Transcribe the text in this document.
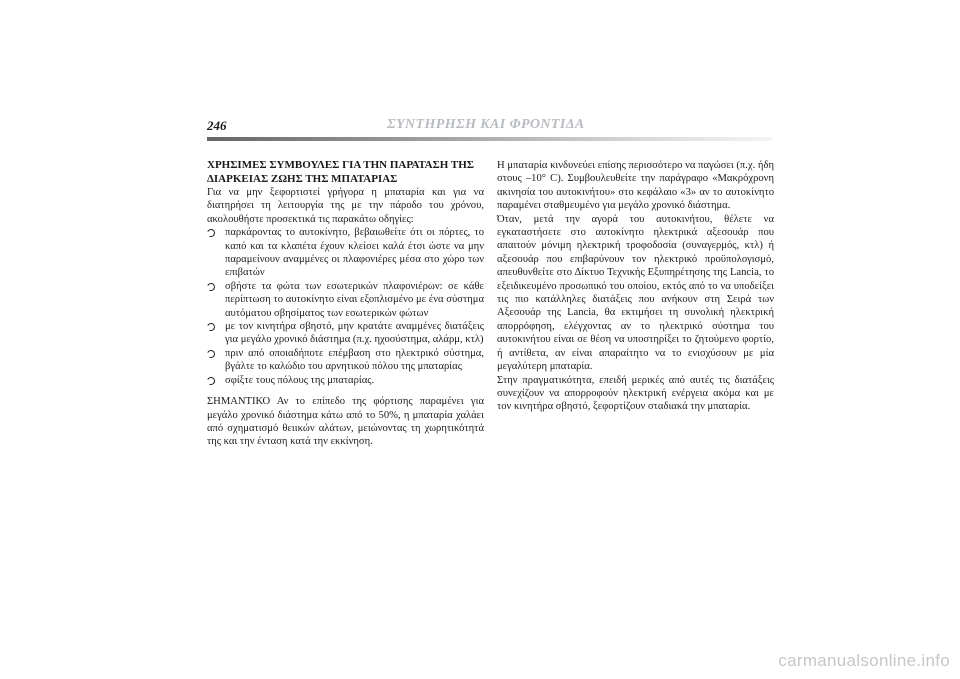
246	ΣΥΝΤΗΡΗΣΗ ΚΑΙ ΦΡΟΝΤΙΔΑ

ΧΡΗΣΙΜΕΣ ΣΥΜΒΟΥΛΕΣ ΓΙΑ ΤΗΝ ΠΑΡΑΤΑΣΗ ΤΗΣ ΔΙΑΡΚΕΙΑΣ ΖΩΗΣ ΤΗΣ ΜΠΑΤΑΡΙΑΣ

Για να μην ξεφορτιστεί γρήγορα η μπαταρία και για να διατηρήσει τη λειτουργία της με την πάροδο του χρόνου, ακολουθήστε προσεκτικά τις παρακάτω οδηγίες:

παρκάροντας το αυτοκίνητο, βεβαιωθείτε ότι οι πόρτες, το καπό και τα κλαπέτα έχουν κλείσει καλά έτσι ώστε να μην παραμείνουν αναμμένες οι πλαφονιέρες μέσα στο χώρο των επιβατών
σβήστε τα φώτα των εσωτερικών πλαφονιέρων: σε κάθε περίπτωση το αυτοκίνητο είναι εξοπλισμένο με ένα σύστημα αυτόματου σβησίματος των εσωτερικών φώτων
με τον κινητήρα σβηστό, μην κρατάτε αναμμένες διατάξεις για μεγάλο χρονικό διάστημα (π.χ. ηχοσύστημα, αλάρμ, κτλ)
πριν από οποιαδήποτε επέμβαση στο ηλεκτρικό σύστημα, βγάλτε το καλώδιο του αρνητικού πόλου της μπαταρίας
σφίξτε τους πόλους της μπαταρίας.

ΣΗΜΑΝΤΙΚΟ Αν το επίπεδο της φόρτισης παραμένει για μεγάλο χρονικό διάστημα κάτω από το 50%, η μπαταρία χαλάει από σχηματισμό θειικών αλάτων, μειώνοντας τη χωρητικότητά της και την ένταση κατά την εκκίνηση.

Η μπαταρία κινδυνεύει επίσης περισσότερο να παγώσει (π.χ. ήδη στους –10° C). Συμβουλευθείτε την παράγραφο «Μακρόχρονη ακινησία του αυτοκινήτου» στο κεφάλαιο «3» αν το αυτοκίνητο παραμένει σταθμευμένο για μεγάλο χρονικό διάστημα.

Όταν, μετά την αγορά του αυτοκινήτου, θέλετε να εγκαταστήσετε στο αυτοκίνητο ηλεκτρικά αξεσουάρ που απαιτούν μόνιμη ηλεκτρική τροφοδοσία (συναγερμός, κτλ) ή αξεσουάρ που επιβαρύνουν τον ηλεκτρικό προϋπολογισμό, απευθυνθείτε στο Δίκτυο Τεχνικής Εξυπηρέτησης της Lancia, το εξειδικευμένο προσωπικό του οποίου, εκτός από το να υποδείξει τις πιο κατάλληλες διατάξεις που ανήκουν στη Σειρά των Αξεσουάρ της Lancia, θα εκτιμήσει τη συνολική ηλεκτρική απορρόφηση, ελέγχοντας αν το ηλεκτρικό σύστημα του αυτοκινήτου είναι σε θέση να υποστηρίξει το ζητούμενο φορτίο, ή αντίθετα, αν είναι απαραίτητο να το ενισχύσουν με μία μεγαλύτερη μπαταρία.

Στην πραγματικότητα, επειδή μερικές από αυτές τις διατάξεις συνεχίζουν να απορροφούν ηλεκτρική ενέργεια ακόμα και με τον κινητήρα σβηστό, ξεφορτίζουν σταδιακά την μπαταρία.

carmanualsonline.info
